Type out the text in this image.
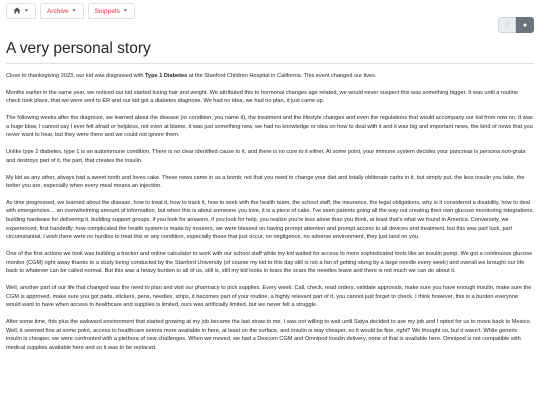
▼	Archive ▼	Snippets ▼
◌ ●
A very personal story

Close to thanksgiving 2023, our kid was diagnosed with Type 1 Diabetes at the Stanford Children Hospital in California. This event changed our lives.

Months earlier in the same year, we noticed our kid started losing hair and weight. We attributed this to hormonal changes age related, we would never suspect this was something bigger. It was until a routine check took place, that we were sent to ER and our kid got a diabetes diagnose. We had no idea, we had no plan, it just came up.

The following weeks after the diagnose, we learned about the disease (or condition, you name it), the treatment and the lifestyle changes and even the regulations that would accompany our kid from now on. It was a huge blow, I cannot say I ever felt afraid or helpless, not even at blame, it was just something new, we had no knowledge or idea on how to deal with it and it was big and important news, the kind of news that you never want to hear, but they were there and we could not ignore them.

Unlike type 2 diabetes, type 1 is an autoimmune condition. There is no clear identified cause to it, and there is no cure to it either. At some point, your immune system decides your pancreas is persona non-grata and destroys part of it, the part, that creates the insulin.

My kid as any other, always had a sweet tooth and loves cake. These news came in as a bomb; not that you need to change your diet and totally obliterate carbs in it, but simply put, the less insulin you take, the better you are, especially when every meal means an injection.

As time progressed, we learned about the disease, how to treat it, how to track it, how to work with the health team, the school staff, the insurance, the legal obligations, why is it considered a disability, how to deal with emergencies… an overwhelming amount of information, but when this is about someone you love, it is a piece of cake. I've seen parents going all the way out creating their own glucose monitoring integrations, building hardware for delivering it, building support groups, if you look for answers, if you look for help, you realize you're less alone than you think, at least that's what we found in America. Conversely, we experienced, first handedly, how complicated the health system is made by insurers, we were blessed on having prompt attention and prompt access to all devices and treatment, but this was part luck, part circumstantial, I wish there were no hurdles to treat this or any condition, especially those that just occur, no negligence, no adverse environment, they just land on you.

One of the first actions we took was building a tracker and online calculator to work with our school staff while my kid waited for access to more sophisticated tools like an insulin pump. We got a continuous glucose monitor (CGM) right away thanks to a study being conducted by the Stanford University (of course my kid to this day still is not a fan of getting stung by a large needle every week) and overall we brought our life back to whatever can be called normal. But this was a heavy burden to all of us, still is, still my kid looks in tears the scars the needles leave and there is not much we can do about it.

Well, another part of our life that changed was the need to plan and visit our pharmacy to pick supplies. Every week: Call, check, read orders, validate approvals, make sure you have enough insulin, make sure the CGM is approved, make sure you got pads, stickers, pens, needles, strips, it becomes part of your routine, a highly relevant part of it, you cannot just forget to check. I think however, this is a burden everyone would want to have when access to healthcare and supplies is limited, ours was artificially limited, but we never felt a struggle.

After some time, this plus the awkward environment that started growing at my job became the last straw to me, I was not willing to wait until Satya decided to axe my job and I opted for us to move back to Mexico. Well, it seemed fine at some point, access to healthcare seems more available in here, at least on the surface, and insulin is way cheaper, so it would be fine, right? We thought so, but it wasn't. While generic insulin is cheaper, we were confronted with a plethora of new challenges. When we moved, we had a Dexcom CGM and Omnipod insulin delivery, none of that is available here. Omnipod is not compatible with medical supplies available here and so it was to be replaced.
